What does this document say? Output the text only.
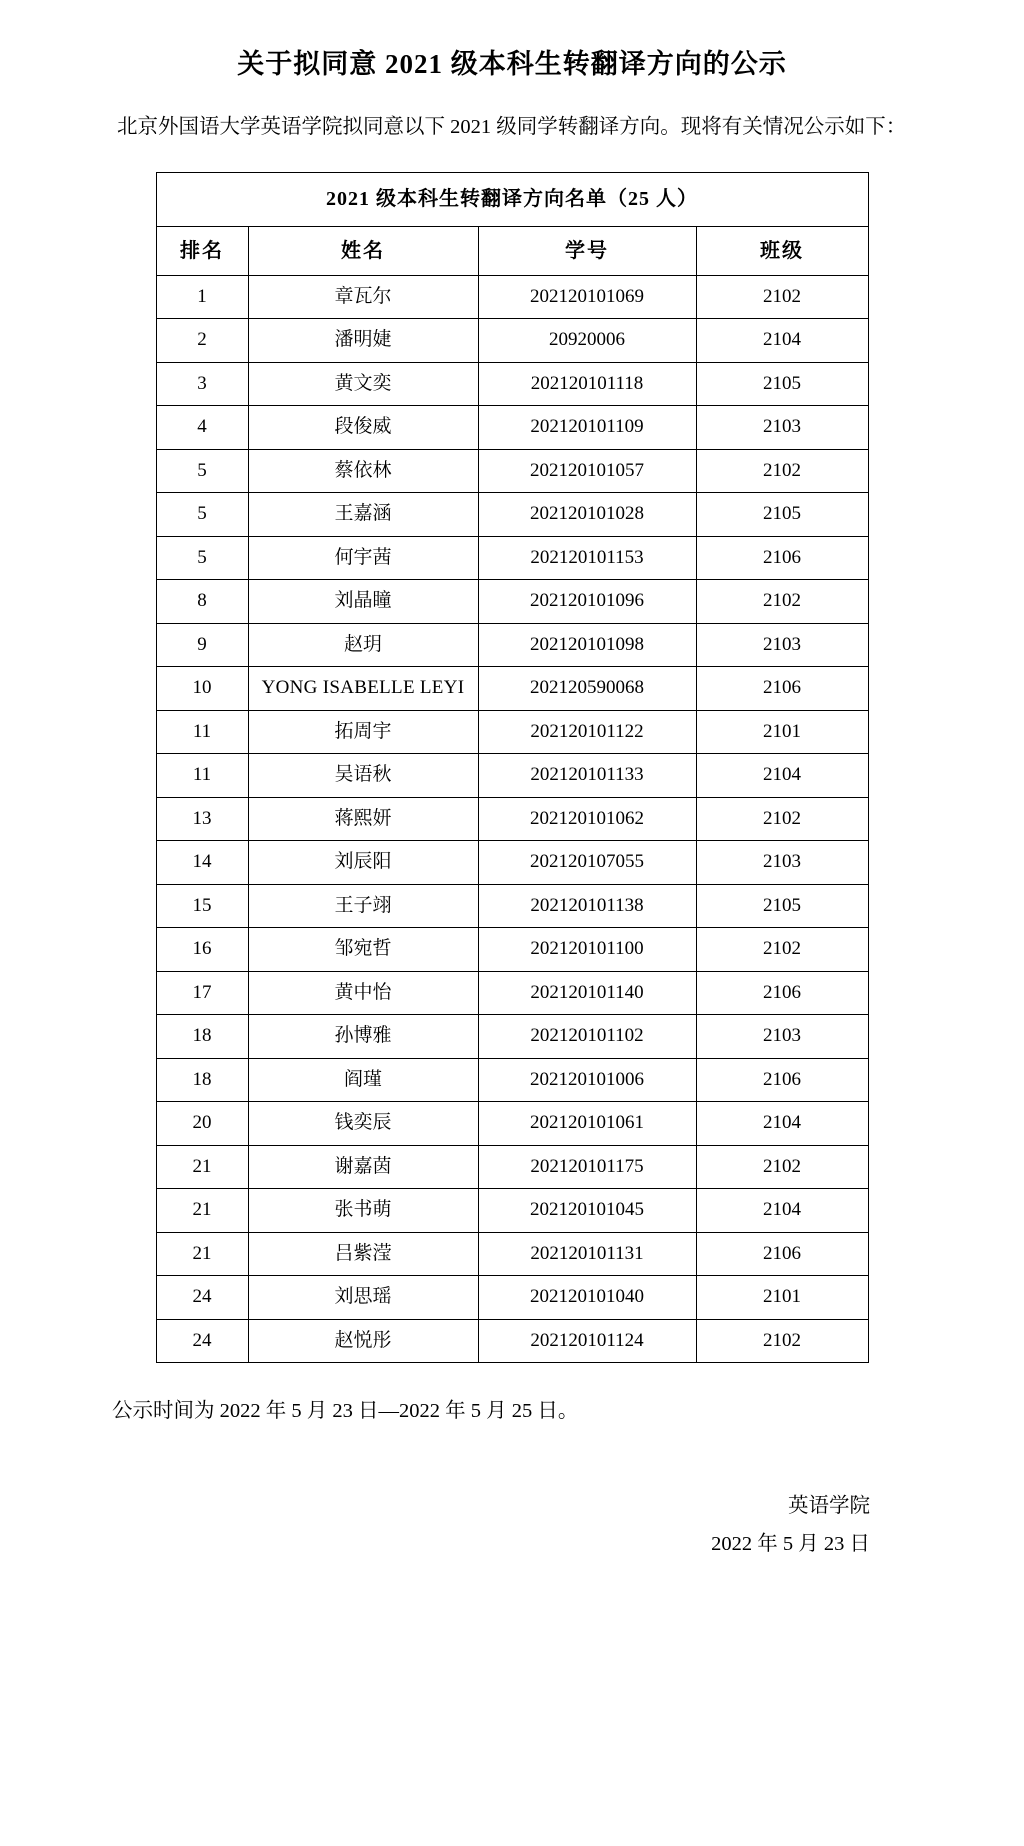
关于拟同意 2021 级本科生转翻译方向的公示

北京外国语大学英语学院拟同意以下 2021 级同学转翻译方向。现将有关情况公示如下：

2021 级本科生转翻译方向名单（25 人）			
排名	姓名	学号	班级
1	章瓦尔	202120101069	2102
2	潘明婕	20920006	2104
3	黄文奕	202120101118	2105
4	段俊威	202120101109	2103
5	蔡依林	202120101057	2102
5	王嘉涵	202120101028	2105
5	何宇茜	202120101153	2106
8	刘晶瞳	202120101096	2102
9	赵玥	202120101098	2103
10	YONG ISABELLE LEYI	202120590068	2106
11	拓周宇	202120101122	2101
11	吴语秋	202120101133	2104
13	蒋熙妍	202120101062	2102
14	刘辰阳	202120107055	2103
15	王子翊	202120101138	2105
16	邹宛哲	202120101100	2102
17	黄中怡	202120101140	2106
18	孙博雅	202120101102	2103
18	阎瑾	202120101006	2106
20	钱奕辰	202120101061	2104
21	谢嘉茵	202120101175	2102
21	张书萌	202120101045	2104
21	吕紫滢	202120101131	2106
24	刘思瑶	202120101040	2101
24	赵悦彤	202120101124	2102

公示时间为 2022 年 5 月 23 日—2022 年 5 月 25 日。

英语学院
2022 年 5 月 23 日
